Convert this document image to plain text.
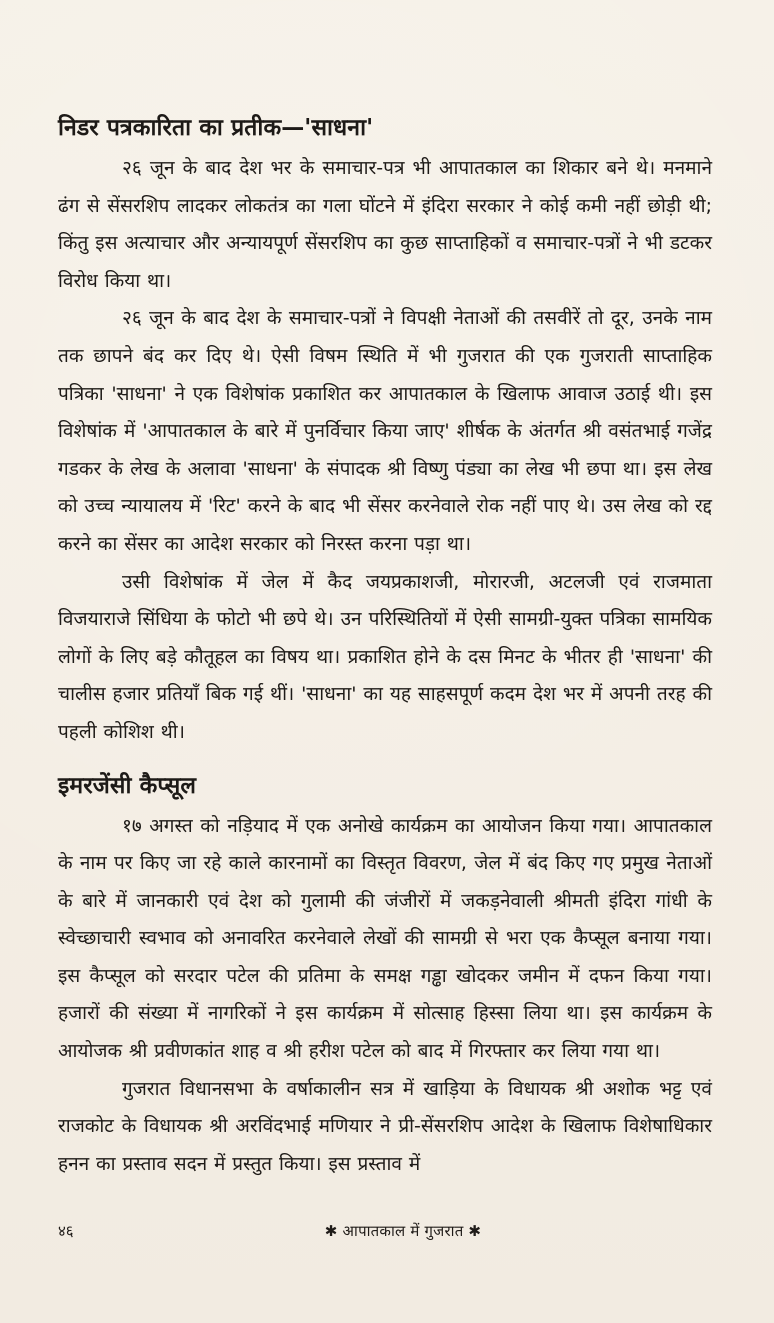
निडर पत्रकारिता का प्रतीक—'साधना'

२६ जून के बाद देश भर के समाचार-पत्र भी आपातकाल का शिकार बने थे। मनमाने ढंग से सेंसरशिप लादकर लोकतंत्र का गला घोंटने में इंदिरा सरकार ने कोई कमी नहीं छोड़ी थी; किंतु इस अत्याचार और अन्यायपूर्ण सेंसरशिप का कुछ साप्ताहिकों व समाचार-पत्रों ने भी डटकर विरोध किया था।

२६ जून के बाद देश के समाचार-पत्रों ने विपक्षी नेताओं की तसवीरें तो दूर, उनके नाम तक छापने बंद कर दिए थे। ऐसी विषम स्थिति में भी गुजरात की एक गुजराती साप्ताहिक पत्रिका 'साधना' ने एक विशेषांक प्रकाशित कर आपातकाल के खिलाफ आवाज उठाई थी। इस विशेषांक में 'आपातकाल के बारे में पुनर्विचार किया जाए' शीर्षक के अंतर्गत श्री वसंतभाई गजेंद्र गडकर के लेख के अलावा 'साधना' के संपादक श्री विष्णु पंड्या का लेख भी छपा था। इस लेख को उच्च न्यायालय में 'रिट' करने के बाद भी सेंसर करनेवाले रोक नहीं पाए थे। उस लेख को रद्द करने का सेंसर का आदेश सरकार को निरस्त करना पड़ा था।

उसी विशेषांक में जेल में कैद जयप्रकाशजी, मोरारजी, अटलजी एवं राजमाता विजयाराजे सिंधिया के फोटो भी छपे थे। उन परिस्थितियों में ऐसी सामग्री-युक्त पत्रिका सामयिक लोगों के लिए बड़े कौतूहल का विषय था। प्रकाशित होने के दस मिनट के भीतर ही 'साधना' की चालीस हजार प्रतियाँ बिक गई थीं। 'साधना' का यह साहसपूर्ण कदम देश भर में अपनी तरह की पहली कोशिश थी।

इमरजेंसी कैप्सूल

१७ अगस्त को नड़ियाद में एक अनोखे कार्यक्रम का आयोजन किया गया। आपातकाल के नाम पर किए जा रहे काले कारनामों का विस्तृत विवरण, जेल में बंद किए गए प्रमुख नेताओं के बारे में जानकारी एवं देश को गुलामी की जंजीरों में जकड़नेवाली श्रीमती इंदिरा गांधी के स्वेच्छाचारी स्वभाव को अनावरित करनेवाले लेखों की सामग्री से भरा एक कैप्सूल बनाया गया। इस कैप्सूल को सरदार पटेल की प्रतिमा के समक्ष गड्ढा खोदकर जमीन में दफन किया गया। हजारों की संख्या में नागरिकों ने इस कार्यक्रम में सोत्साह हिस्सा लिया था। इस कार्यक्रम के आयोजक श्री प्रवीणकांत शाह व श्री हरीश पटेल को बाद में गिरफ्तार कर लिया गया था।

गुजरात विधानसभा के वर्षाकालीन सत्र में खाड़िया के विधायक श्री अशोक भट्ट एवं राजकोट के विधायक श्री अरविंदभाई मणियार ने प्री-सेंसरशिप आदेश के खिलाफ विशेषाधिकार हनन का प्रस्ताव सदन में प्रस्तुत किया। इस प्रस्ताव में

४६	✱ आपातकाल में गुजरात ✱
